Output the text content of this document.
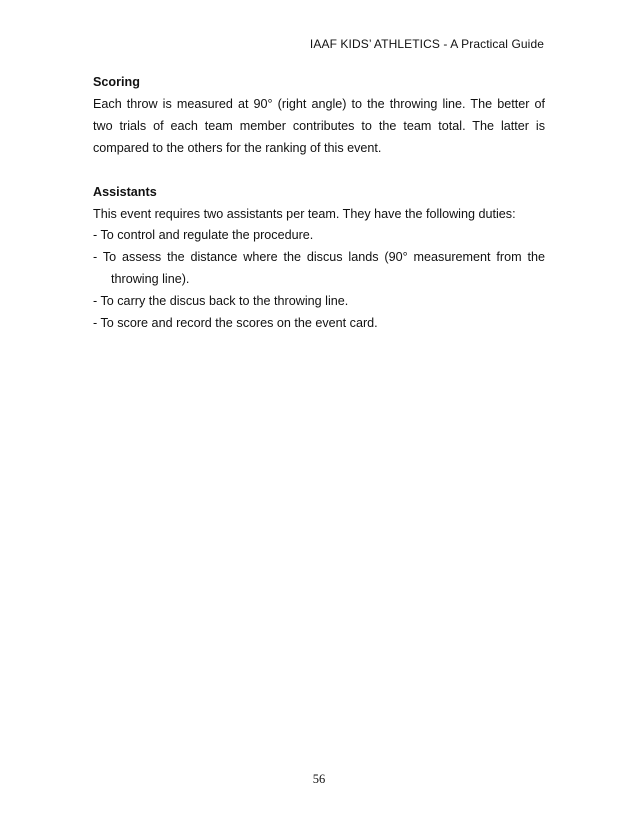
IAAF KIDS’ ATHLETICS - A Practical Guide

Scoring

Each throw is measured at 90° (right angle) to the throwing line. The better of two trials of each team member contributes to the team total. The latter is compared to the others for the ranking of this event.

Assistants

This event requires two assistants per team. They have the following duties:

- To control and regulate the procedure.

- To assess the distance where the discus lands (90° measurement from the throwing line).

- To carry the discus back to the throwing line.

- To score and record the scores on the event card.

56
